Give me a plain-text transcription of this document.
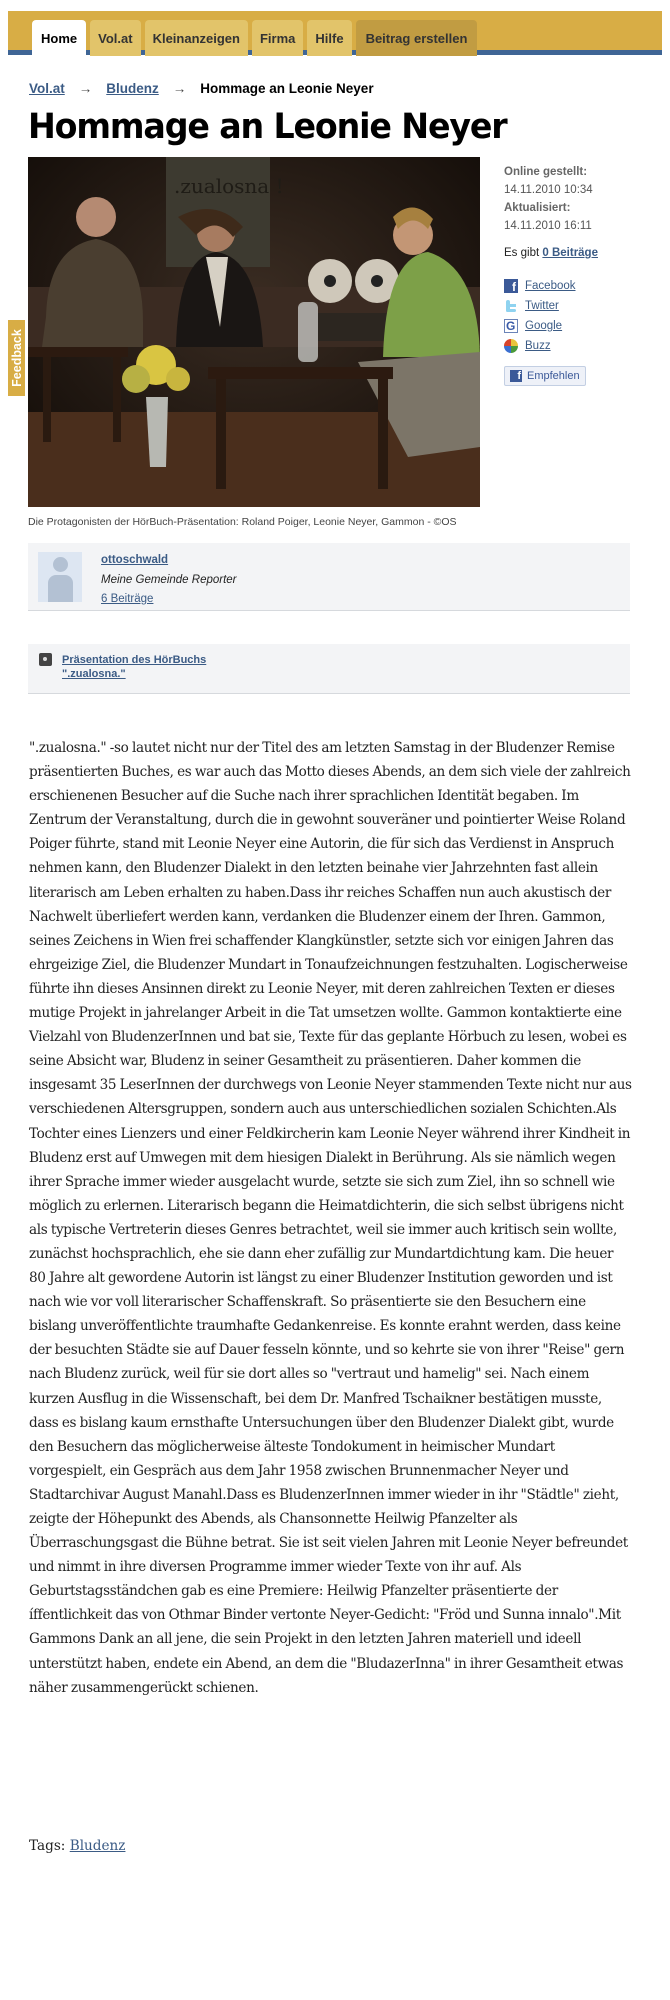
Home	Vol.at	Kleinanzeigen	Firma	Hilfe	Beitrag erstellen
Vol.at → Bludenz → Hommage an Leonie Neyer
Hommage an Leonie Neyer
.zualosna !
Die Protagonisten der HörBuch-Präsentation: Roland Poiger, Leonie Neyer, Gammon - ©OS
Feedback
Online gestellt:
14.11.2010 10:34
Aktualisiert:
14.11.2010 16:11
Es gibt 0 Beiträge
f Facebook
Twitter
G Google
Buzz
f Empfehlen
ottoschwald
Meine Gemeinde Reporter
6 Beiträge
Präsentation des HörBuchs ".zualosna."
".zualosna." -so lautet nicht nur der Titel des am letzten Samstag in der Bludenzer Remise präsentierten Buches, es war auch das Motto dieses Abends, an dem sich viele der zahlreich erschienenen Besucher auf die Suche nach ihrer sprachlichen Identität begaben. Im Zentrum der Veranstaltung, durch die in gewohnt souveräner und pointierter Weise Roland Poiger führte, stand mit Leonie Neyer eine Autorin, die für sich das Verdienst in Anspruch nehmen kann, den Bludenzer Dialekt in den letzten beinahe vier Jahrzehnten fast allein literarisch am Leben erhalten zu haben.Dass ihr reiches Schaffen nun auch akustisch der Nachwelt überliefert werden kann, verdanken die Bludenzer einem der Ihren. Gammon, seines Zeichens in Wien frei schaffender Klangkünstler, setzte sich vor einigen Jahren das ehrgeizige Ziel, die Bludenzer Mundart in Tonaufzeichnungen festzuhalten. Logischerweise führte ihn dieses Ansinnen direkt zu Leonie Neyer, mit deren zahlreichen Texten er dieses mutige Projekt in jahrelanger Arbeit in die Tat umsetzen wollte. Gammon kontaktierte eine Vielzahl von BludenzerInnen und bat sie, Texte für das geplante Hörbuch zu lesen, wobei es seine Absicht war, Bludenz in seiner Gesamtheit zu präsentieren. Daher kommen die insgesamt 35 LeserInnen der durchwegs von Leonie Neyer stammenden Texte nicht nur aus verschiedenen Altersgruppen, sondern auch aus unterschiedlichen sozialen Schichten.Als Tochter eines Lienzers und einer Feldkircherin kam Leonie Neyer während ihrer Kindheit in Bludenz erst auf Umwegen mit dem hiesigen Dialekt in Berührung. Als sie nämlich wegen ihrer Sprache immer wieder ausgelacht wurde, setzte sie sich zum Ziel, ihn so schnell wie möglich zu erlernen. Literarisch begann die Heimatdichterin, die sich selbst übrigens nicht als typische Vertreterin dieses Genres betrachtet, weil sie immer auch kritisch sein wollte, zunächst hochsprachlich, ehe sie dann eher zufällig zur Mundartdichtung kam. Die heuer 80 Jahre alt gewordene Autorin ist längst zu einer Bludenzer Institution geworden und ist nach wie vor voll literarischer Schaffenskraft. So präsentierte sie den Besuchern eine bislang unveröffentlichte traumhafte Gedankenreise. Es konnte erahnt werden, dass keine der besuchten Städte sie auf Dauer fesseln könnte, und so kehrte sie von ihrer "Reise" gern nach Bludenz zurück, weil für sie dort alles so "vertraut und hamelig" sei. Nach einem kurzen Ausflug in die Wissenschaft, bei dem Dr. Manfred Tschaikner bestätigen musste, dass es bislang kaum ernsthafte Untersuchungen über den Bludenzer Dialekt gibt, wurde den Besuchern das möglicherweise älteste Tondokument in heimischer Mundart vorgespielt, ein Gespräch aus dem Jahr 1958 zwischen Brunnenmacher Neyer und Stadtarchivar August Manahl.Dass es BludenzerInnen immer wieder in ihr "Städtle" zieht, zeigte der Höhepunkt des Abends, als Chansonnette Heilwig Pfanzelter als Überraschungsgast die Bühne betrat. Sie ist seit vielen Jahren mit Leonie Neyer befreundet und nimmt in ihre diversen Programme immer wieder Texte von ihr auf. Als Geburtstagsständchen gab es eine Premiere: Heilwig Pfanzelter präsentierte der íffentlichkeit das von Othmar Binder vertonte Neyer-Gedicht: "Fröd und Sunna innalo".Mit Gammons Dank an all jene, die sein Projekt in den letzten Jahren materiell und ideell unterstützt haben, endete ein Abend, an dem die "BludazerInna" in ihrer Gesamtheit etwas näher zusammengerückt schienen.
Tags: Bludenz
